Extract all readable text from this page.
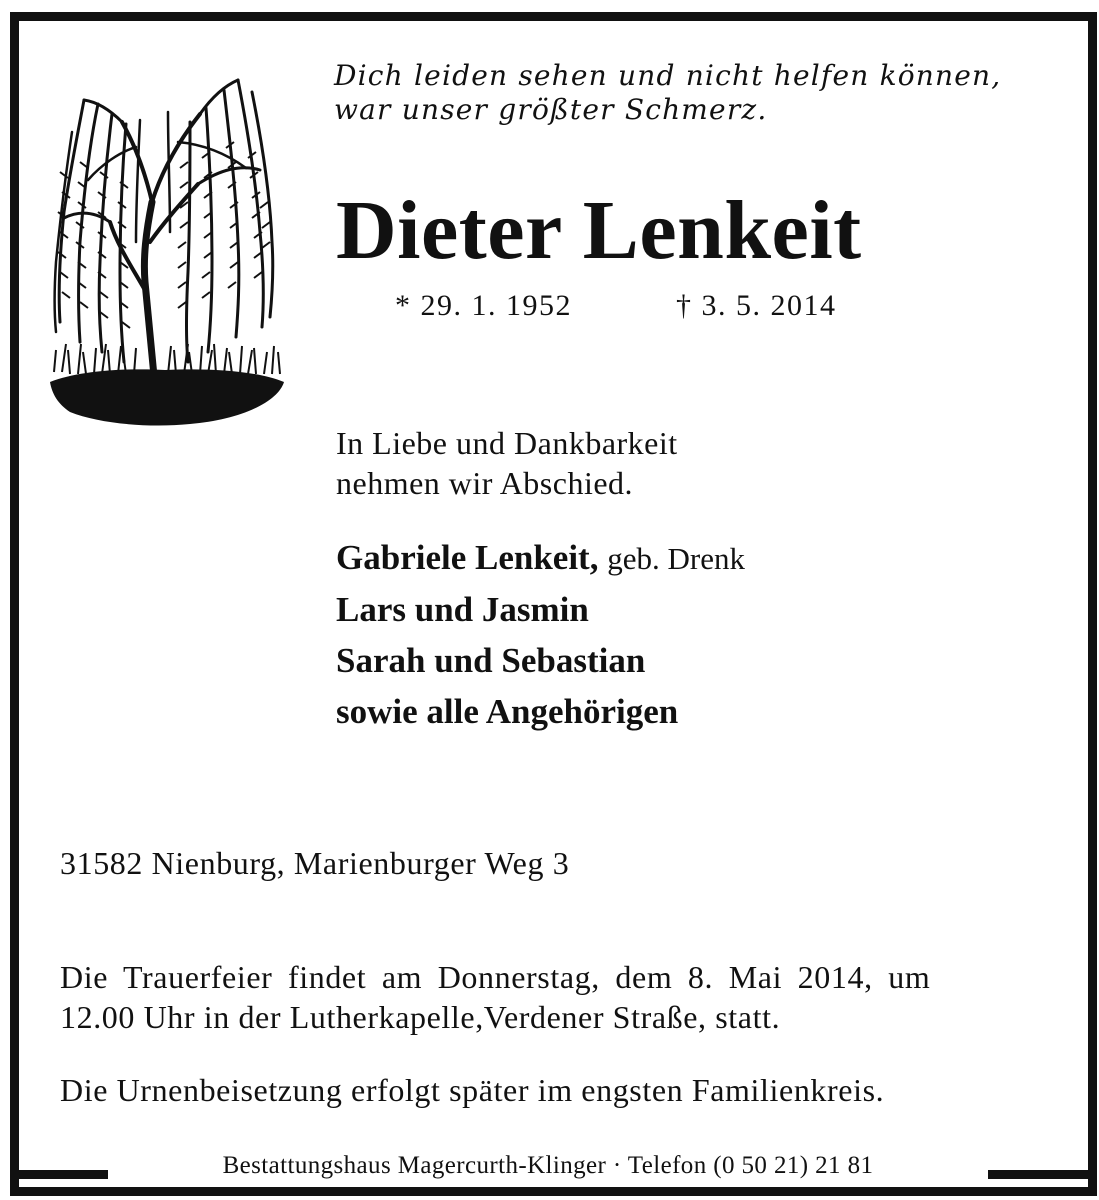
Dich leiden sehen und nicht helfen können,
war unser größter Schmerz.
Dieter Lenkeit
* 29. 1. 1952	† 3. 5. 2014
In Liebe und Dankbarkeit
nehmen wir Abschied.
Gabriele Lenkeit, geb. Drenk
Lars und Jasmin
Sarah und Sebastian
sowie alle Angehörigen
31582 Nienburg, Marienburger Weg 3
Die Trauerfeier findet am Donnerstag, dem 8. Mai 2014, um
12.00 Uhr in der Lutherkapelle,Verdener Straße, statt.
Die Urnenbeisetzung erfolgt später im engsten Familienkreis.
Bestattungshaus Magercurth-Klinger · Telefon (0 50 21) 21 81
